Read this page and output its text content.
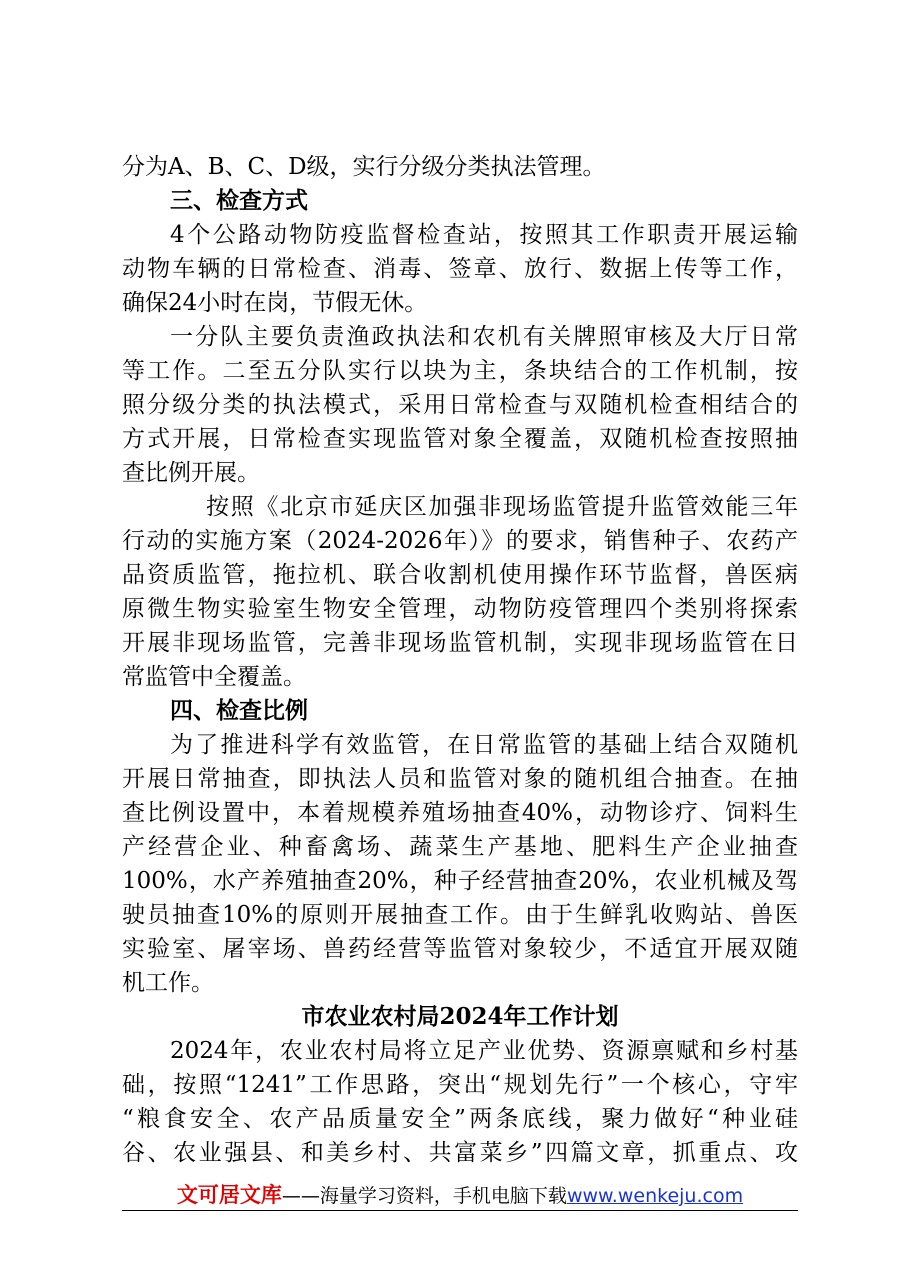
分为A、B、C、D级，实行分级分类执法管理。
三、检查方式
4个公路动物防疫监督检查站，按照其工作职责开展运输
动物车辆的日常检查、消毒、签章、放行、数据上传等工作，
确保24小时在岗，节假无休。
一分队主要负责渔政执法和农机有关牌照审核及大厅日常
等工作。二至五分队实行以块为主，条块结合的工作机制，按
照分级分类的执法模式，采用日常检查与双随机检查相结合的
方式开展，日常检查实现监管对象全覆盖，双随机检查按照抽
查比例开展。
按照《北京市延庆区加强非现场监管提升监管效能三年
行动的实施方案（2024-2026年）》的要求，销售种子、农药产
品资质监管，拖拉机、联合收割机使用操作环节监督，兽医病
原微生物实验室生物安全管理，动物防疫管理四个类别将探索
开展非现场监管，完善非现场监管机制，实现非现场监管在日
常监管中全覆盖。
四、检查比例
为了推进科学有效监管，在日常监管的基础上结合双随机
开展日常抽查，即执法人员和监管对象的随机组合抽查。在抽
查比例设置中，本着规模养殖场抽查40%，动物诊疗、饲料生
产经营企业、种畜禽场、蔬菜生产基地、肥料生产企业抽查
100%，水产养殖抽查20%，种子经营抽查20%，农业机械及驾
驶员抽查10%的原则开展抽查工作。由于生鲜乳收购站、兽医
实验室、屠宰场、兽药经营等监管对象较少，不适宜开展双随
机工作。
市农业农村局2024年工作计划
2024年，农业农村局将立足产业优势、资源禀赋和乡村基
础，按照“1241”工作思路，突出“规划先行”一个核心，守牢
“粮食安全、农产品质量安全”两条底线，聚力做好“种业硅
谷、农业强县、和美乡村、共富菜乡”四篇文章，抓重点、攻
文可居文库——海量学习资料，手机电脑下载www.wenkeju.com
